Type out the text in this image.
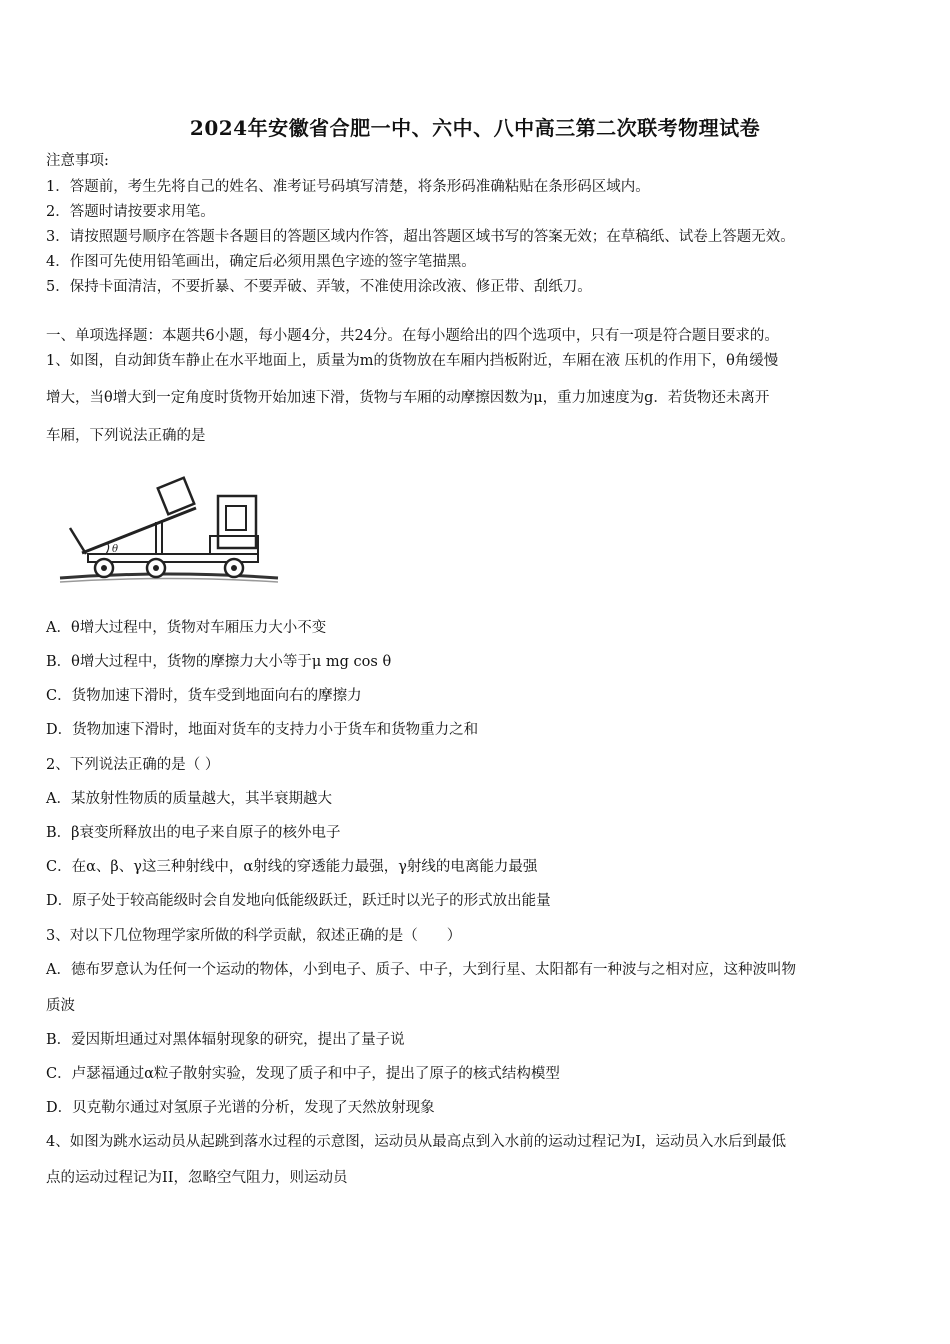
2024年安徽省合肥一中、六中、八中高三第二次联考物理试卷
注意事项:
1．答题前，考生先将自己的姓名、准考证号码填写清楚，将条形码准确粘贴在条形码区域内。
2．答题时请按要求用笔。
3．请按照题号顺序在答题卡各题目的答题区域内作答，超出答题区域书写的答案无效；在草稿纸、试卷上答题无效。
4．作图可先使用铅笔画出，确定后必须用黑色字迹的签字笔描黑。
5．保持卡面清洁，不要折暴、不要弄破、弄皱，不准使用涂改液、修正带、刮纸刀。
一、单项选择题：本题共6小题，每小题4分，共24分。在每小题给出的四个选项中，只有一项是符合题目要求的。
1、如图，自动卸货车静止在水平地面上，质量为m的货物放在车厢内挡板附近，车厢在液 压机的作用下，θ角缓慢
增大，当θ增大到一定角度时货物开始加速下滑，货物与车厢的动摩擦因数为μ，重力加速度为g．若货物还未离开
车厢，下列说法正确的是
θ
A．θ增大过程中，货物对车厢压力大小不变
B．θ增大过程中，货物的摩擦力大小等于μ mg cos θ
C．货物加速下滑时，货车受到地面向右的摩擦力
D．货物加速下滑时，地面对货车的支持力小于货车和货物重力之和
2、下列说法正确的是（ ）
A．某放射性物质的质量越大，其半衰期越大
B．β衰变所释放出的电子来自原子的核外电子
C．在α、β、γ这三种射线中，α射线的穿透能力最强，γ射线的电离能力最强
D．原子处于较高能级时会自发地向低能级跃迁，跃迁时以光子的形式放出能量
3、对以下几位物理学家所做的科学贡献，叙述正确的是（　　）
A．德布罗意认为任何一个运动的物体，小到电子、质子、中子，大到行星、太阳都有一种波与之相对应，这种波叫物
质波
B．爱因斯坦通过对黑体辐射现象的研究，提出了量子说
C．卢瑟福通过α粒子散射实验，发现了质子和中子，提出了原子的核式结构模型
D．贝克勒尔通过对氢原子光谱的分析，发现了天然放射现象
4、如图为跳水运动员从起跳到落水过程的示意图，运动员从最高点到入水前的运动过程记为I，运动员入水后到最低
点的运动过程记为II，忽略空气阻力，则运动员
